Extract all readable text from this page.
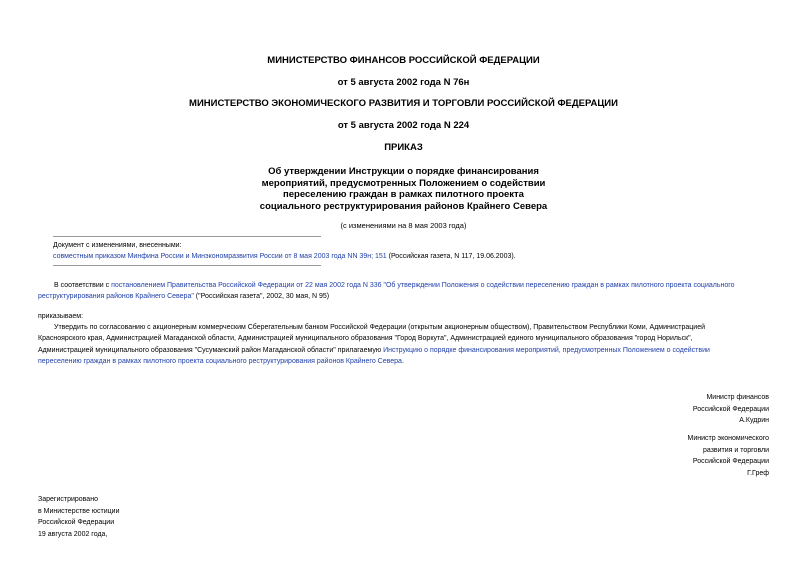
МИНИСТЕРСТВО ФИНАНСОВ РОССИЙСКОЙ ФЕДЕРАЦИИ
от 5 августа 2002 года N 76н
МИНИСТЕРСТВО ЭКОНОМИЧЕСКОГО РАЗВИТИЯ И ТОРГОВЛИ РОССИЙСКОЙ ФЕДЕРАЦИИ
от 5 августа 2002 года N 224
ПРИКАЗ
Об утверждении Инструкции о порядке финансирования
мероприятий, предусмотренных Положением о содействии
переселению граждан в рамках пилотного проекта
социального реструктурирования районов Крайнего Севера
(с изменениями на 8 мая 2003 года)
Документ с изменениями, внесенными:
совместным приказом Минфина России и Минэкономразвития России от 8 мая 2003 года NN 39н; 151 (Российская газета, N 117, 19.06.2003).
В соответствии с постановлением Правительства Российской Федерации от 22 мая 2002 года N 336 "Об утверждении Положения о содействии переселению граждан в рамках пилотного проекта социального
реструктурирования районов Крайнего Севера" ("Российская газета", 2002, 30 мая, N 95)
приказываем:
Утвердить по согласованию с акционерным коммерческим Сберегательным банком Российской Федерации (открытым акционерным обществом), Правительством Республики Коми, Администрацией
Красноярского края, Администрацией Магаданской области, Администрацией муниципального образования "Город Воркута", Администрацией единого муниципального образования "город Норильск",
Администрацией муниципального образования "Сусуманский район Магаданской области" прилагаемую Инструкцию о порядке финансирования мероприятий, предусмотренных Положением о содействии
переселению граждан в рамках пилотного проекта социального реструктурирования районов Крайнего Севера.
Министр финансов
Российской Федерации
А.Кудрин
Министр экономического
развития и торговли
Российской Федерации
Г.Греф
Зарегистрировано
в Министерстве юстиции
Российской Федерации
19 августа 2002 года,
